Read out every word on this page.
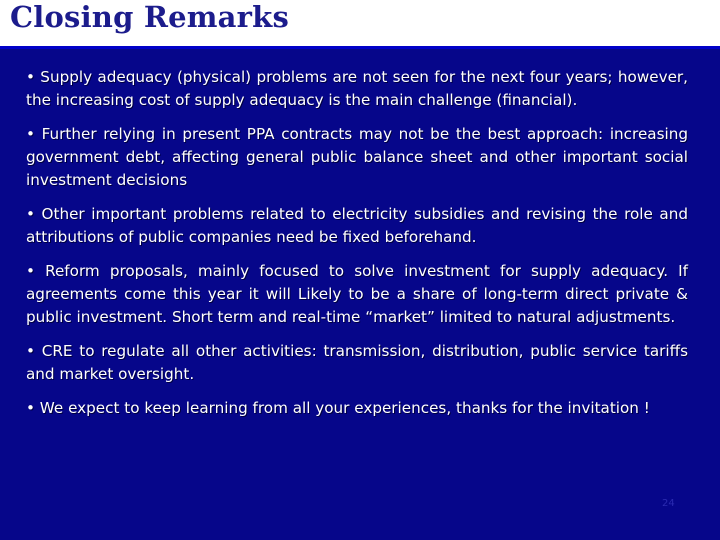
Closing Remarks
• Supply adequacy (physical) problems are not seen for the next four years; however, the increasing cost of supply adequacy is the main challenge (financial).
• Further relying in present PPA contracts may not be the best approach: increasing government debt, affecting general public balance sheet and other important social investment decisions
• Other important problems related to electricity subsidies and revising the role and attributions of public companies need be fixed beforehand.
• Reform proposals, mainly focused to solve investment for supply adequacy. If agreements come this year it will Likely to be a share of long-term direct private & public investment. Short term and real-time “market” limited to natural adjustments.
• CRE to regulate all other activities: transmission, distribution, public service tariffs and market oversight.
• We expect to keep learning from all your experiences, thanks for the invitation !
24
